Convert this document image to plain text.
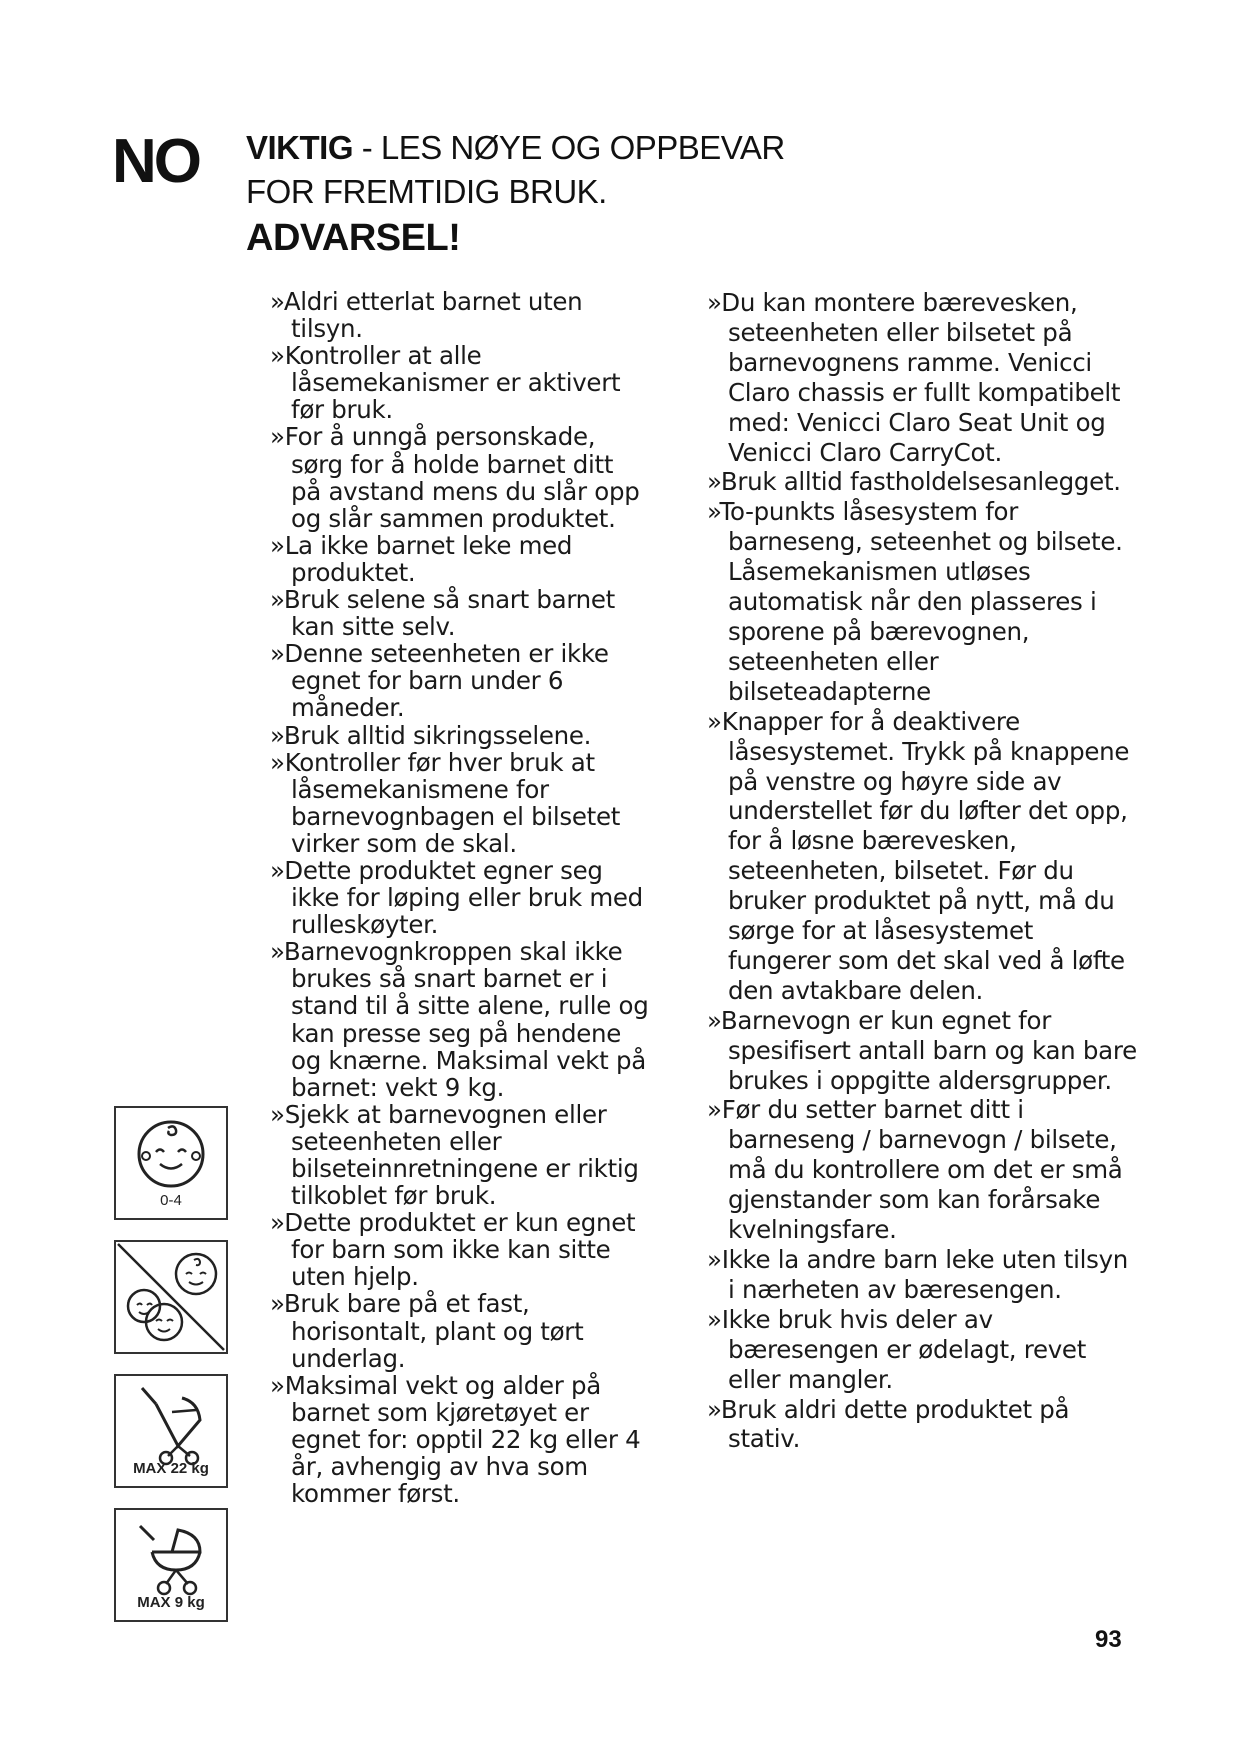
NO VIKTIG - LES NØYE OG OPPBEVAR
FOR FREMTIDIG BRUK.
ADVARSEL!
» Aldri etterlat barnet uten tilsyn.
» Kontroller at alle låsemekanismer er aktivert før bruk.
» For å unngå personskade, sørg for å holde barnet ditt på avstand mens du slår opp og slår sammen produktet.
» La ikke barnet leke med produktet.
» Bruk selene så snart barnet kan sitte selv.
» Denne seteenheten er ikke egnet for barn under 6 måneder.
» Bruk alltid sikringsselene.
» Kontroller før hver bruk at låsemekanismene for barnevognbagen el bilsetet virker som de skal.
» Dette produktet egner seg ikke for løping eller bruk med rulleskøyter.
» Barnevognkroppen skal ikke brukes så snart barnet er i stand til å sitte alene, rulle og kan presse seg på hendene og knærne. Maksimal vekt på barnet: vekt 9 kg.
» Sjekk at barnevognen eller seteenheten eller bilseteinnretningene er riktig tilkoblet før bruk.
» Dette produktet er kun egnet for barn som ikke kan sitte uten hjelp.
» Bruk bare på et fast, horisontalt, plant og tørt underlag.
» Maksimal vekt og alder på barnet som kjøretøyet er egnet for: opptil 22 kg eller 4 år, avhengig av hva som kommer først.
» Du kan montere bærevesken, seteenheten eller bilsetet på barnevognens ramme. Venicci Claro chassis er fullt kompatibelt med: Venicci Claro Seat Unit og Venicci Claro CarryCot.
» Bruk alltid fastholdelsesanlegget.
» To-punkts låsesystem for barneseng, seteenhet og bilsete. Låsemekanismen utløses automatisk når den plasseres i sporene på bærevognen, seteenheten eller bilseteadapterne
» Knapper for å deaktivere låsesystemet. Trykk på knappene på venstre og høyre side av understellet før du løfter det opp, for å løsne bærevesken, seteenheten, bilsetet. Før du bruker produktet på nytt, må du sørge for at låsesystemet fungerer som det skal ved å løfte den avtakbare delen.
» Barnevogn er kun egnet for spesifisert antall barn og kan bare brukes i oppgitte aldersgrupper.
» Før du setter barnet ditt i barneseng / barnevogn / bilsete, må du kontrollere om det er små gjenstander som kan forårsake kvelningsfare.
» Ikke la andre barn leke uten tilsyn i nærheten av bæresengen.
» Ikke bruk hvis deler av bæresengen er ødelagt, revet eller mangler.
» Bruk aldri dette produktet på stativ.
0-4
MAX 22 kg
MAX 9 kg
93
